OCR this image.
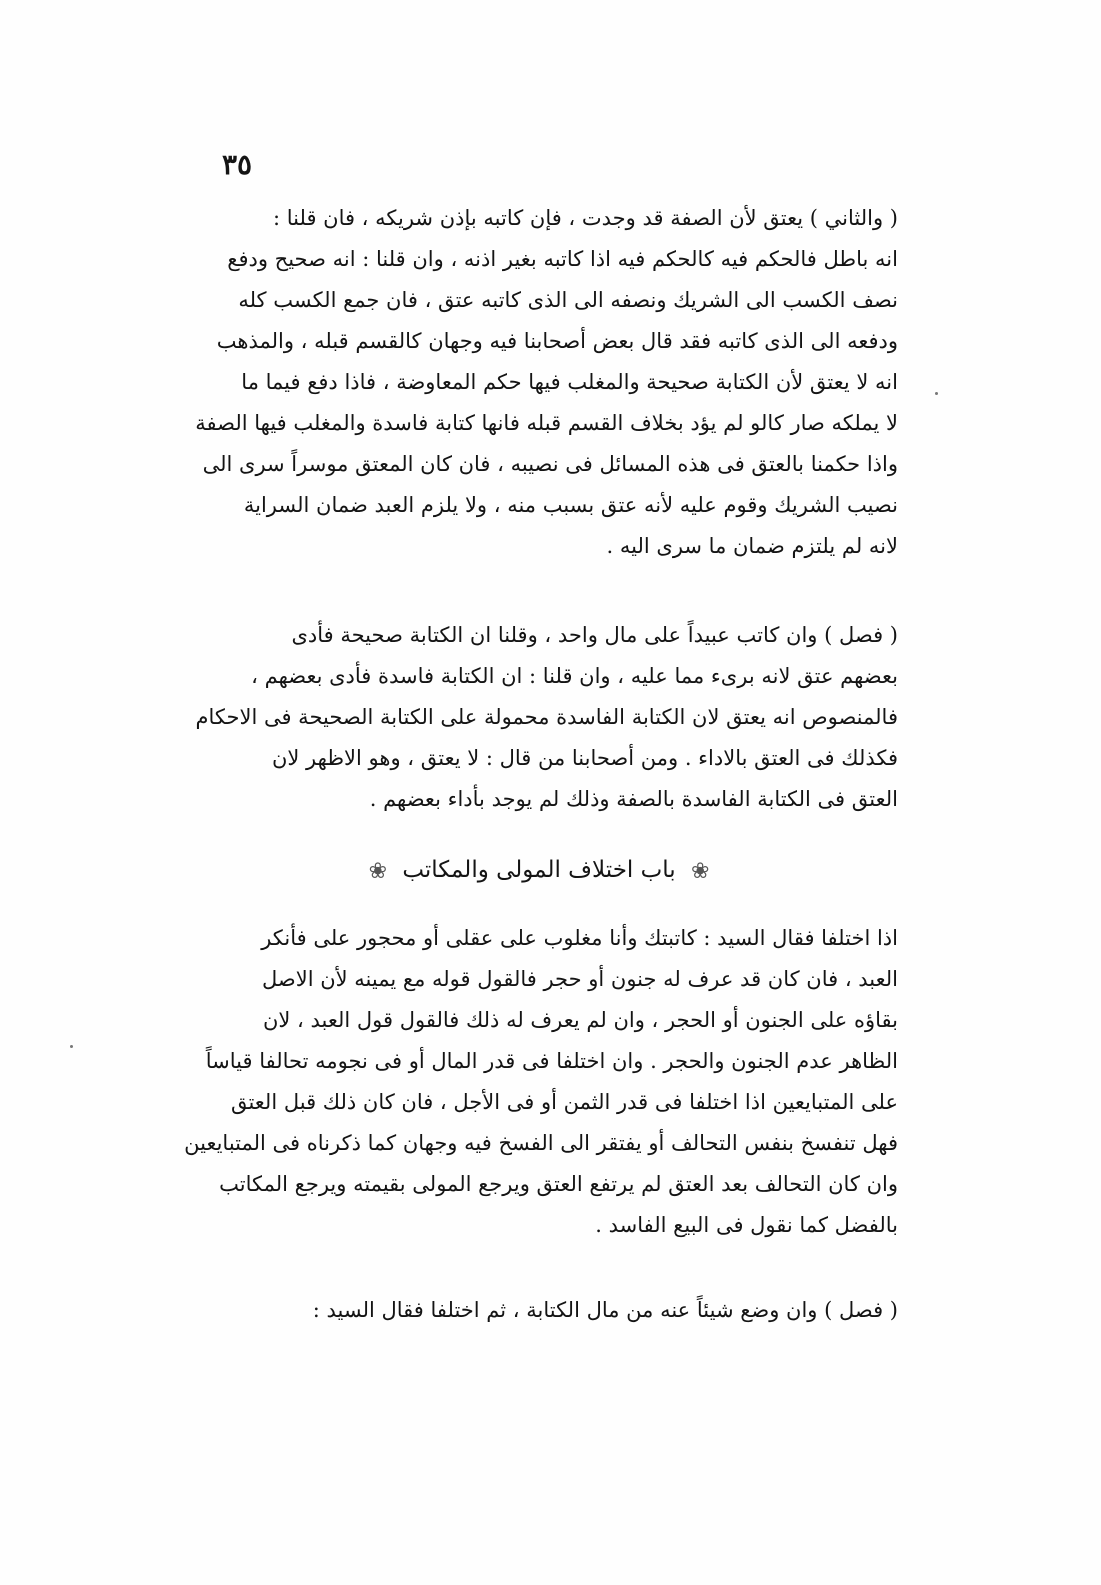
٣٥
( والثاني ) يعتق لأن الصفة قد وجدت ، فإن كاتبه بإذن شريكه ، فان قلنا :
انه باطل فالحكم فيه كالحكم فيه اذا كاتبه بغير اذنه ، وان قلنا : انه صحيح ودفع
نصف الكسب الى الشريك ونصفه الى الذى كاتبه عتق ، فان جمع الكسب كله
ودفعه الى الذى كاتبه فقد قال بعض أصحابنا فيه وجهان كالقسم قبله ، والمذهب
انه لا يعتق لأن الكتابة صحيحة والمغلب فيها حكم المعاوضة ، فاذا دفع فيما ما
لا يملكه صار كالو لم يؤد بخلاف القسم قبله فانها كتابة فاسدة والمغلب فيها الصفة
واذا حكمنا بالعتق فى هذه المسائل فى نصيبه ، فان كان المعتق موسراً سرى الى
نصيب الشريك وقوم عليه لأنه عتق بسبب منه ، ولا يلزم العبد ضمان السراية
لانه لم يلتزم ضمان ما سرى اليه .
( فصل ) وان كاتب عبيداً على مال واحد ، وقلنا ان الكتابة صحيحة فأدى
بعضهم عتق لانه برىء مما عليه ، وان قلنا : ان الكتابة فاسدة فأدى بعضهم ،
فالمنصوص انه يعتق لان الكتابة الفاسدة محمولة على الكتابة الصحيحة فى الاحكام
فكذلك فى العتق بالاداء . ومن أصحابنا من قال : لا يعتق ، وهو الاظهر لان
العتق فى الكتابة الفاسدة بالصفة وذلك لم يوجد بأداء بعضهم .
❀ باب اختلاف المولى والمكاتب ❀
اذا اختلفا فقال السيد : كاتبتك وأنا مغلوب على عقلى أو محجور على فأنكر
العبد ، فان كان قد عرف له جنون أو حجر فالقول قوله مع يمينه لأن الاصل
بقاؤه على الجنون أو الحجر ، وان لم يعرف له ذلك فالقول قول العبد ، لان
الظاهر عدم الجنون والحجر . وان اختلفا فى قدر المال أو فى نجومه تحالفا قياساً
على المتبايعين اذا اختلفا فى قدر الثمن أو فى الأجل ، فان كان ذلك قبل العتق
فهل تنفسخ بنفس التحالف أو يفتقر الى الفسخ فيه وجهان كما ذكرناه فى المتبايعين
وان كان التحالف بعد العتق لم يرتفع العتق ويرجع المولى بقيمته ويرجع المكاتب
بالفضل كما نقول فى البيع الفاسد .
( فصل ) وان وضع شيئاً عنه من مال الكتابة ، ثم اختلفا فقال السيد :
